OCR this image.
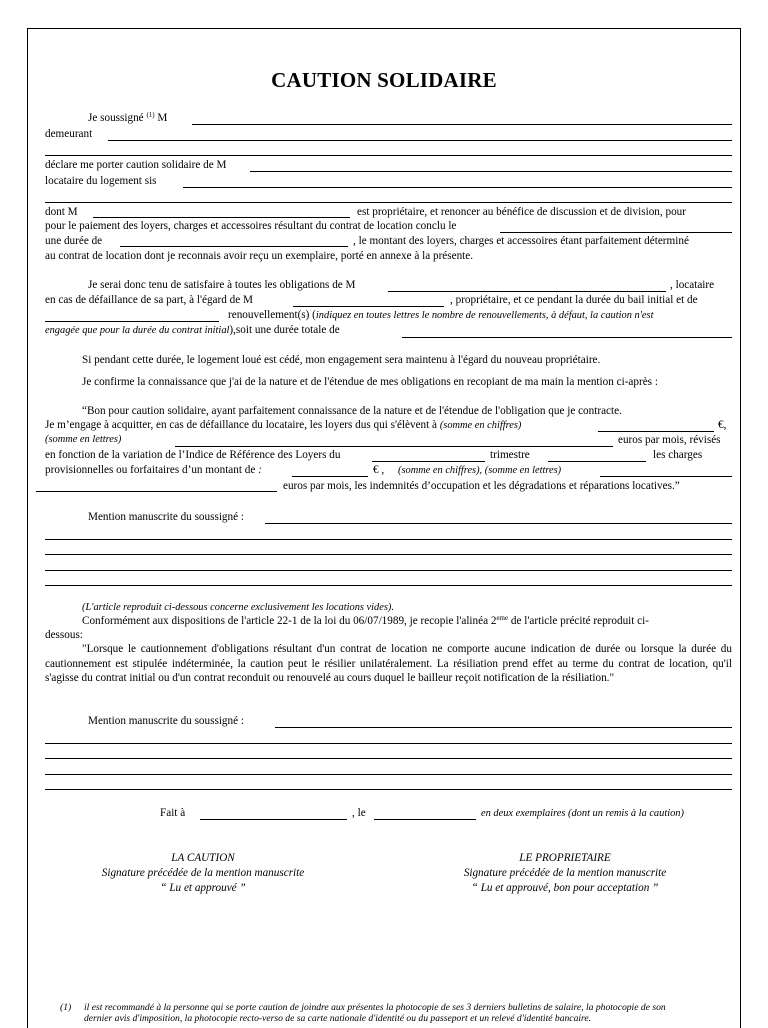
CAUTION SOLIDAIRE
Je soussigné $^{(1)}$ M
demeurant
déclare me porter caution solidaire de M
locataire du logement sis
dont M	est propriétaire, et renoncer au bénéfice de discussion et de division, pour
pour le paiement des loyers, charges et accessoires résultant du contrat de location conclu le
une durée de	, le montant des loyers, charges et accessoires étant parfaitement déterminé
au contrat de location dont je reconnais avoir reçu un exemplaire, porté en annexe à la présente.
Je serai donc tenu de satisfaire à toutes les obligations de M	, locataire
en cas de défaillance de sa part, à l'égard de M	, propriétaire, et ce pendant la durée du bail initial et de
renouvellement(s) (indiquez en toutes lettres le nombre de renouvellements, à défaut, la caution n'est
engagée que pour la durée du contrat initial),soit une durée totale de
Si pendant cette durée, le logement loué est cédé, mon engagement sera maintenu à l'égard du nouveau propriétaire.
Je confirme la connaissance que j'ai de la nature et de l'étendue de mes obligations en recopiant de ma main la mention ci-après :
“Bon pour caution solidaire, ayant parfaitement connaissance de la nature et de l'étendue de l'obligation que je contracte.
Je m’engage à acquitter, en cas de défaillance du locataire, les loyers dus qui s'élèvent à (somme en chiffres)	€,
(somme en lettres)	euros par mois, révisés
en fonction de la variation de l’Indice de Référence des Loyers du	trimestre	les charges
provisionnelles ou forfaitaires d’un montant de :	€ , (somme en chiffres), (somme en lettres)
euros par mois, les indemnités d’occupation et les dégradations et réparations locatives.”
Mention manuscrite du soussigné :
(L'article reproduit ci-dessous concerne exclusivement les locations vides).
Conformément aux dispositions de l'article 22-1 de la loi du 06/07/1989, je recopie l'alinéa 2eme de l'article précité reproduit ci-
dessous:
"Lorsque le cautionnement d'obligations résultant d'un contrat de location ne comporte aucune indication de durée ou lorsque la durée du cautionnement est stipulée indéterminée, la caution peut le résilier unilatéralement. La résiliation prend effet au terme du contrat de location, qu'il s'agisse du contrat initial ou d'un contrat reconduit ou renouvelé au cours duquel le bailleur reçoit notification de la résiliation."
Mention manuscrite du soussigné :
Fait à	, le	en deux exemplaires (dont un remis à la caution)
LA CAUTION
Signature précédée de la mention manuscrite
“ Lu et approuvé ”
LE PROPRIETAIRE
Signature précédée de la mention manuscrite
“ Lu et approuvé, bon pour acceptation ”
(1) il est recommandé à la personne qui se porte caution de joindre aux présentes la photocopie de ses 3 derniers bulletins de salaire, la photocopie de son
dernier avis d'imposition, la photocopie recto-verso de sa carte nationale d'identité ou du passeport et un relevé d'identité bancaire.
